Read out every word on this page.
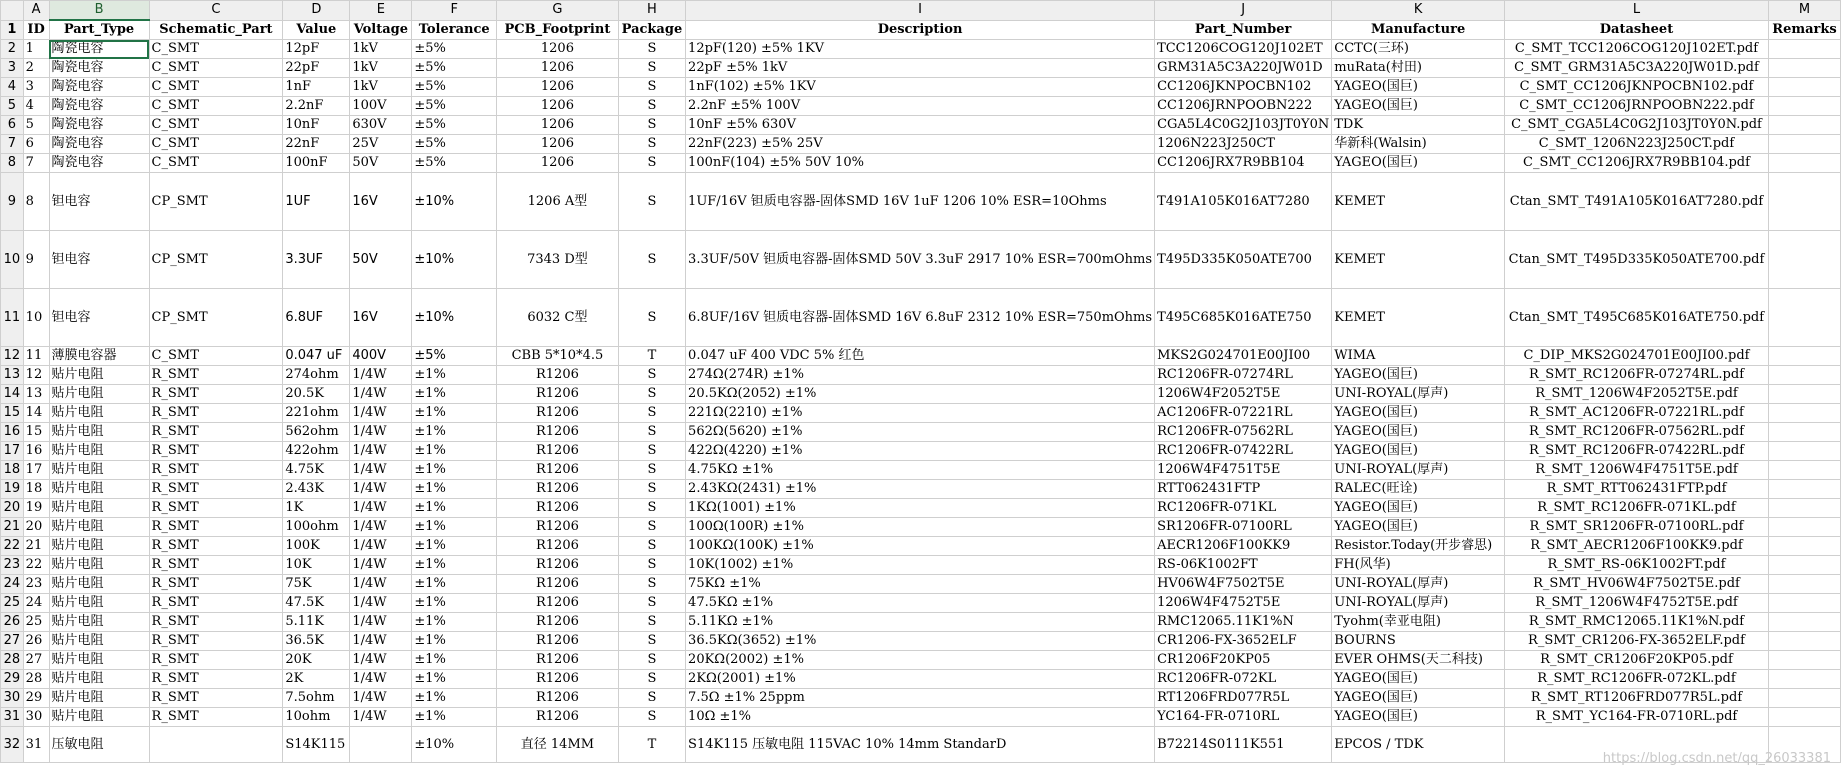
	A	B	C	D	E	F	G	H	I	J	K	L	M
1	ID	Part_Type	Schematic_Part	Value	Voltage	Tolerance	PCB_Footprint	Package	Description	Part_Number	Manufacture	Datasheet	Remarks
2	1	陶瓷电容	C_SMT	12pF	1kV	±5%	1206	S	12pF(120) ±5% 1KV	TCC1206COG120J102ET	CCTC(三环)	C_SMT_TCC1206COG120J102ET.pdf	
3	2	陶瓷电容	C_SMT	22pF	1kV	±5%	1206	S	22pF ±5% 1kV	GRM31A5C3A220JW01D	muRata(村田)	C_SMT_GRM31A5C3A220JW01D.pdf	
4	3	陶瓷电容	C_SMT	1nF	1kV	±5%	1206	S	1nF(102) ±5% 1KV	CC1206JKNPOCBN102	YAGEO(国巨)	C_SMT_CC1206JKNPOCBN102.pdf	
5	4	陶瓷电容	C_SMT	2.2nF	100V	±5%	1206	S	2.2nF ±5% 100V	CC1206JRNPOOBN222	YAGEO(国巨)	C_SMT_CC1206JRNPOOBN222.pdf	
6	5	陶瓷电容	C_SMT	10nF	630V	±5%	1206	S	10nF ±5% 630V	CGA5L4C0G2J103JT0Y0N	TDK	C_SMT_CGA5L4C0G2J103JT0Y0N.pdf	
7	6	陶瓷电容	C_SMT	22nF	25V	±5%	1206	S	22nF(223) ±5% 25V	1206N223J250CT	华新科(Walsin)	C_SMT_1206N223J250CT.pdf	
8	7	陶瓷电容	C_SMT	100nF	50V	±5%	1206	S	100nF(104) ±5% 50V 10%	CC1206JRX7R9BB104	YAGEO(国巨)	C_SMT_CC1206JRX7R9BB104.pdf	
9	8	钽电容	CP_SMT	1UF	16V	±10%	1206 A型	S	1UF/16V 钽质电容器-固体SMD 16V 1uF 1206 10% ESR=10Ohms	T491A105K016AT7280	KEMET	Ctan_SMT_T491A105K016AT7280.pdf	
10	9	钽电容	CP_SMT	3.3UF	50V	±10%	7343 D型	S	3.3UF/50V 钽质电容器-固体SMD 50V 3.3uF 2917 10% ESR=700mOhms	T495D335K050ATE700	KEMET	Ctan_SMT_T495D335K050ATE700.pdf	
11	10	钽电容	CP_SMT	6.8UF	16V	±10%	6032 C型	S	6.8UF/16V 钽质电容器-固体SMD 16V 6.8uF 2312 10% ESR=750mOhms	T495C685K016ATE750	KEMET	Ctan_SMT_T495C685K016ATE750.pdf	
12	11	薄膜电容器	C_SMT	0.047 uF	400V	±5%	CBB 5*10*4.5	T	0.047 uF 400 VDC 5% 红色	MKS2G024701E00JI00	WIMA	C_DIP_MKS2G024701E00JI00.pdf	
13	12	贴片电阻	R_SMT	274ohm	1/4W	±1%	R1206	S	274Ω(274R) ±1%	RC1206FR-07274RL	YAGEO(国巨)	R_SMT_RC1206FR-07274RL.pdf	
14	13	贴片电阻	R_SMT	20.5K	1/4W	±1%	R1206	S	20.5KΩ(2052) ±1%	1206W4F2052T5E	UNI-ROYAL(厚声)	R_SMT_1206W4F2052T5E.pdf	
15	14	贴片电阻	R_SMT	221ohm	1/4W	±1%	R1206	S	221Ω(2210) ±1%	AC1206FR-07221RL	YAGEO(国巨)	R_SMT_AC1206FR-07221RL.pdf	
16	15	贴片电阻	R_SMT	562ohm	1/4W	±1%	R1206	S	562Ω(5620) ±1%	RC1206FR-07562RL	YAGEO(国巨)	R_SMT_RC1206FR-07562RL.pdf	
17	16	贴片电阻	R_SMT	422ohm	1/4W	±1%	R1206	S	422Ω(4220) ±1%	RC1206FR-07422RL	YAGEO(国巨)	R_SMT_RC1206FR-07422RL.pdf	
18	17	贴片电阻	R_SMT	4.75K	1/4W	±1%	R1206	S	4.75KΩ ±1%	1206W4F4751T5E	UNI-ROYAL(厚声)	R_SMT_1206W4F4751T5E.pdf	
19	18	贴片电阻	R_SMT	2.43K	1/4W	±1%	R1206	S	2.43KΩ(2431) ±1%	RTT062431FTP	RALEC(旺诠)	R_SMT_RTT062431FTP.pdf	
20	19	贴片电阻	R_SMT	1K	1/4W	±1%	R1206	S	1KΩ(1001) ±1%	RC1206FR-071KL	YAGEO(国巨)	R_SMT_RC1206FR-071KL.pdf	
21	20	贴片电阻	R_SMT	100ohm	1/4W	±1%	R1206	S	100Ω(100R) ±1%	SR1206FR-07100RL	YAGEO(国巨)	R_SMT_SR1206FR-07100RL.pdf	
22	21	贴片电阻	R_SMT	100K	1/4W	±1%	R1206	S	100KΩ(100K) ±1%	AECR1206F100KK9	Resistor.Today(开步睿思)	R_SMT_AECR1206F100KK9.pdf	
23	22	贴片电阻	R_SMT	10K	1/4W	±1%	R1206	S	10K(1002) ±1%	RS-06K1002FT	FH(风华)	R_SMT_RS-06K1002FT.pdf	
24	23	贴片电阻	R_SMT	75K	1/4W	±1%	R1206	S	75KΩ ±1%	HV06W4F7502T5E	UNI-ROYAL(厚声)	R_SMT_HV06W4F7502T5E.pdf	
25	24	贴片电阻	R_SMT	47.5K	1/4W	±1%	R1206	S	47.5KΩ ±1%	1206W4F4752T5E	UNI-ROYAL(厚声)	R_SMT_1206W4F4752T5E.pdf	
26	25	贴片电阻	R_SMT	5.11K	1/4W	±1%	R1206	S	5.11KΩ ±1%	RMC12065.11K1%N	Tyohm(幸亚电阻)	R_SMT_RMC12065.11K1%N.pdf	
27	26	贴片电阻	R_SMT	36.5K	1/4W	±1%	R1206	S	36.5KΩ(3652) ±1%	CR1206-FX-3652ELF	BOURNS	R_SMT_CR1206-FX-3652ELF.pdf	
28	27	贴片电阻	R_SMT	20K	1/4W	±1%	R1206	S	20KΩ(2002) ±1%	CR1206F20KP05	EVER OHMS(天二科技)	R_SMT_CR1206F20KP05.pdf	
29	28	贴片电阻	R_SMT	2K	1/4W	±1%	R1206	S	2KΩ(2001) ±1%	RC1206FR-072KL	YAGEO(国巨)	R_SMT_RC1206FR-072KL.pdf	
30	29	贴片电阻	R_SMT	7.5ohm	1/4W	±1%	R1206	S	7.5Ω ±1% 25ppm	RT1206FRD077R5L	YAGEO(国巨)	R_SMT_RT1206FRD077R5L.pdf	
31	30	贴片电阻	R_SMT	10ohm	1/4W	±1%	R1206	S	10Ω ±1%	YC164-FR-0710RL	YAGEO(国巨)	R_SMT_YC164-FR-0710RL.pdf	
32	31	压敏电阻		S14K115		±10%	直径 14MM	T	S14K115 压敏电阻 115VAC 10% 14mm StandarD	B72214S0111K551	EPCOS / TDK		
https://blog.csdn.net/qq_26033381
